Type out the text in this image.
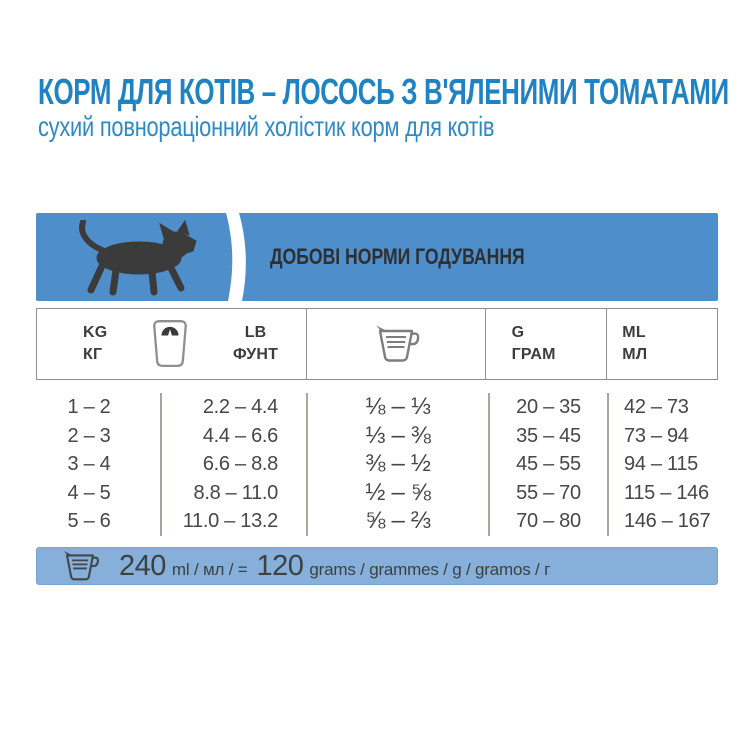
КОРМ ДЛЯ КОТІВ – ЛОСОСЬ З В'ЯЛЕНИМИ ТОМАТАМИ
сухий повнораціонний холістик корм для котів
ДОБОВІ НОРМИ ГОДУВАННЯ
KG
КГ
LB
ФУНТ
G
ГРАМ
ML
МЛ
1 – 2
2 – 3
3 – 4
4 – 5
5 – 6
2.2 – 4.4
4.4 – 6.6
6.6 – 8.8
8.8 – 11.0
11.0 – 13.2
⅛ – ⅓
⅓ – ⅜
⅜ – ½
½ – ⅝
⅝ – ⅔
20 – 35
35 – 45
45 – 55
55 – 70
70 – 80
42 – 73
73 – 94
94 – 115
115 – 146
146 – 167
240 ml / мл / = 120 grams / grammes / g / gramos / г
